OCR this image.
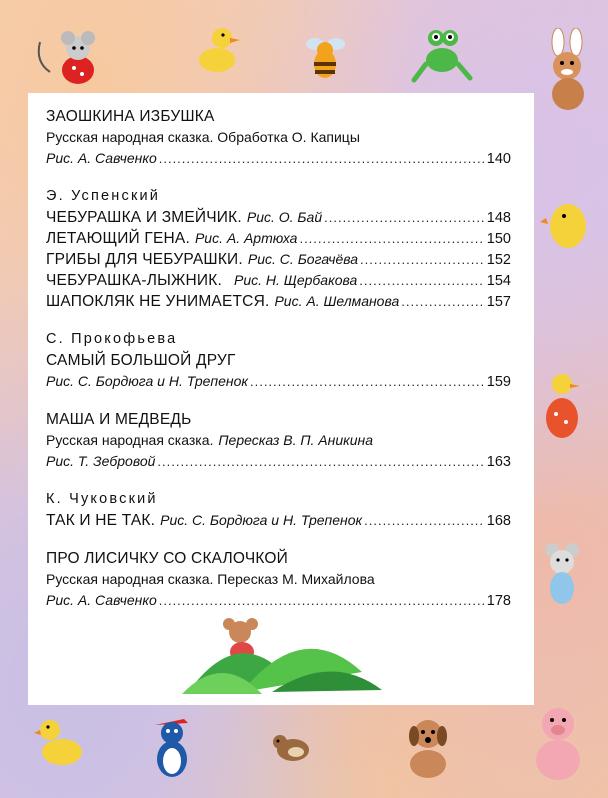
ЗАОШКИНА ИЗБУШКА
Русская народная сказка. Обработка О. Капицы
Рис. А. Савченко .....	140
Э. Успенский
ЧЕБУРАШКА И ЗМЕЙЧИК. Рис. О. Бай .....	148
ЛЕТАЮЩИЙ ГЕНА. Рис. А. Артюха .....	150
ГРИБЫ ДЛЯ ЧЕБУРАШКИ. Рис. С. Богачёва .....	152
ЧЕБУРАШКА-ЛЫЖНИК. Рис. Н. Щербакова .....	154
ШАПОКЛЯК НЕ УНИМАЕТСЯ. Рис. А. Шелманова .....	157
С. Прокофьева
САМЫЙ БОЛЬШОЙ ДРУГ
Рис. С. Бордюга и Н. Трепенок .....	159
МАША И МЕДВЕДЬ
Русская народная сказка. Пересказ В. П. Аникина
Рис. Т. Зебровой .....	163
К. Чуковский
ТАК И НЕ ТАК. Рис. С. Бордюга и Н. Трепенок .....	168
ПРО ЛИСИЧКУ СО СКАЛОЧКОЙ
Русская народная сказка. Пересказ М. Михайлова
Рис. А. Савченко .....	178
